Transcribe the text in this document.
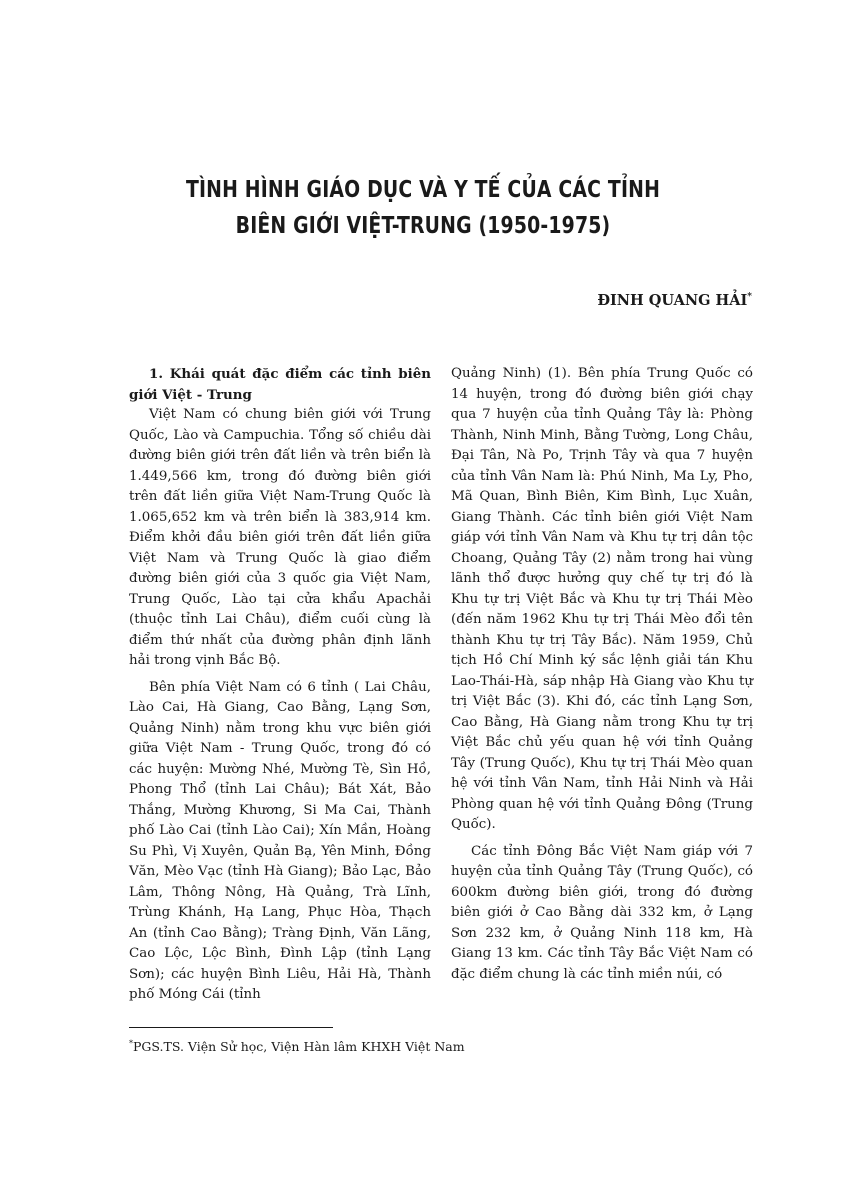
TÌNH HÌNH GIÁO DỤC VÀ Y TẾ CỦA CÁC TỈNH
BIÊN GIỚI VIỆT-TRUNG (1950-1975)
ĐINH QUANG HẢI*

1. Khái quát đặc điểm các tỉnh biên giới Việt - Trung

Việt Nam có chung biên giới với Trung Quốc, Lào và Campuchia. Tổng số chiều dài đường biên giới trên đất liền và trên biển là 1.449,566 km, trong đó đường biên giới trên đất liền giữa Việt Nam-Trung Quốc là 1.065,652 km và trên biển là 383,914 km. Điểm khởi đầu biên giới trên đất liền giữa Việt Nam và Trung Quốc là giao điểm đường biên giới của 3 quốc gia Việt Nam, Trung Quốc, Lào tại cửa khẩu Apachải (thuộc tỉnh Lai Châu), điểm cuối cùng là điểm thứ nhất của đường phân định lãnh hải trong vịnh Bắc Bộ.

Bên phía Việt Nam có 6 tỉnh ( Lai Châu, Lào Cai, Hà Giang, Cao Bằng, Lạng Sơn, Quảng Ninh) nằm trong khu vực biên giới giữa Việt Nam - Trung Quốc, trong đó có các huyện: Mường Nhé, Mường Tè, Sìn Hồ, Phong Thổ (tỉnh Lai Châu); Bát Xát, Bảo Thắng, Mường Khương, Si Ma Cai, Thành phố Lào Cai (tỉnh Lào Cai); Xín Mần, Hoàng Su Phì, Vị Xuyên, Quản Bạ, Yên Minh, Đồng Văn, Mèo Vạc (tỉnh Hà Giang); Bảo Lạc, Bảo Lâm, Thông Nông, Hà Quảng, Trà Lĩnh, Trùng Khánh, Hạ Lang, Phục Hòa, Thạch An (tỉnh Cao Bằng); Tràng Định, Văn Lãng, Cao Lộc, Lộc Bình, Đình Lập (tỉnh Lạng Sơn); các huyện Bình Liêu, Hải Hà, Thành phố Móng Cái (tỉnh

Quảng Ninh) (1). Bên phía Trung Quốc có 14 huyện, trong đó đường biên giới chạy qua 7 huyện của tỉnh Quảng Tây là: Phòng Thành, Ninh Minh, Bằng Tường, Long Châu, Đại Tân, Nà Po, Trịnh Tây và qua 7 huyện của tỉnh Vân Nam là: Phú Ninh, Ma Ly, Pho, Mã Quan, Bình Biên, Kim Bình, Lục Xuân, Giang Thành. Các tỉnh biên giới Việt Nam giáp với tỉnh Vân Nam và Khu tự trị dân tộc Choang, Quảng Tây (2) nằm trong hai vùng lãnh thổ được hưởng quy chế tự trị đó là Khu tự trị Việt Bắc và Khu tự trị Thái Mèo (đến năm 1962 Khu tự trị Thái Mèo đổi tên thành Khu tự trị Tây Bắc). Năm 1959, Chủ tịch Hồ Chí Minh ký sắc lệnh giải tán Khu Lao-Thái-Hà, sáp nhập Hà Giang vào Khu tự trị Việt Bắc (3). Khi đó, các tỉnh Lạng Sơn, Cao Bằng, Hà Giang nằm trong Khu tự trị Việt Bắc chủ yếu quan hệ với tỉnh Quảng Tây (Trung Quốc), Khu tự trị Thái Mèo quan hệ với tỉnh Vân Nam, tỉnh Hải Ninh và Hải Phòng quan hệ với tỉnh Quảng Đông (Trung Quốc).

Các tỉnh Đông Bắc Việt Nam giáp với 7 huyện của tỉnh Quảng Tây (Trung Quốc), có 600km đường biên giới, trong đó đường biên giới ở Cao Bằng dài 332 km, ở Lạng Sơn 232 km, ở Quảng Ninh 118 km, Hà Giang 13 km. Các tỉnh Tây Bắc Việt Nam có đặc điểm chung là các tỉnh miền núi, có

*PGS.TS. Viện Sử học, Viện Hàn lâm KHXH Việt Nam
